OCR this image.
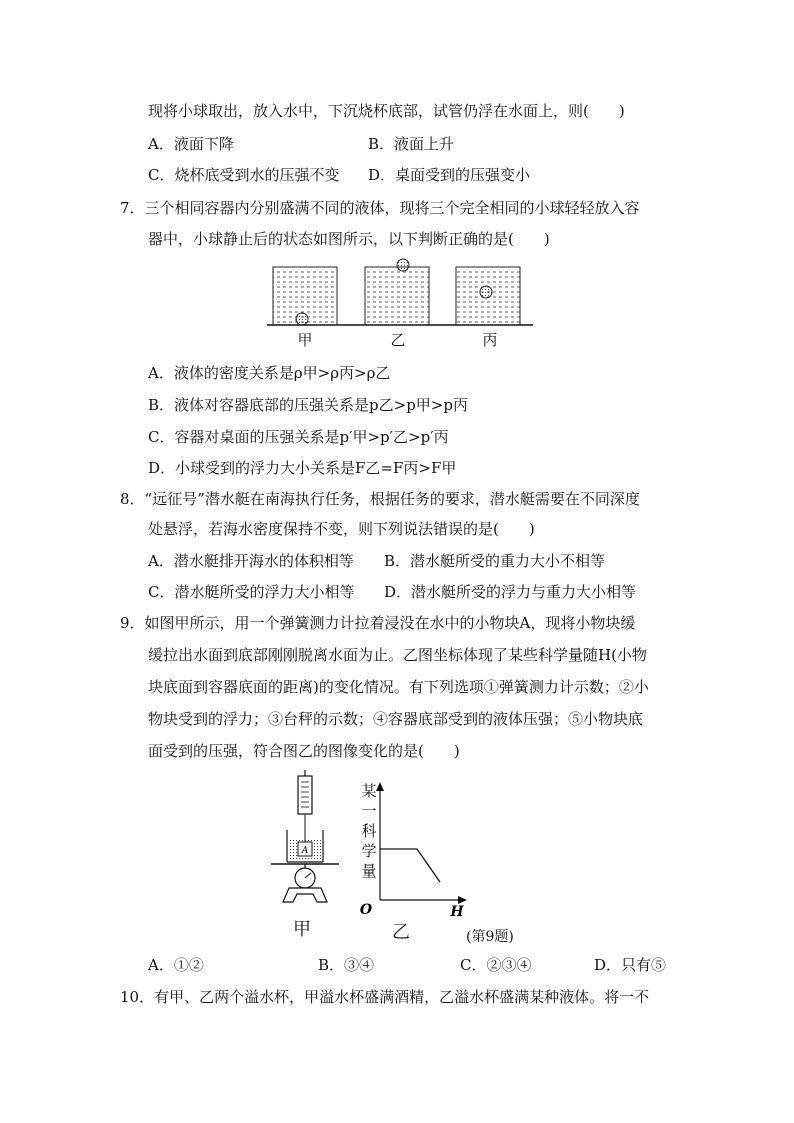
现将小球取出，放入水中，下沉烧杯底部，试管仍浮在水面上，则(　　)
A．液面下降	B．液面上升
C．烧杯底受到水的压强不变 D．桌面受到的压强变小
7．三个相同容器内分别盛满不同的液体，现将三个完全相同的小球轻轻放入容
器中，小球静止后的状态如图所示，以下判断正确的是(　　)
甲	乙	丙
A．液体的密度关系是ρ甲>ρ丙>ρ乙
B．液体对容器底部的压强关系是p乙>p甲>p丙
C．容器对桌面的压强关系是p′甲>p′乙>p′丙
D．小球受到的浮力大小关系是F乙=F丙>F甲
8．“远征号”潜水艇在南海执行任务，根据任务的要求，潜水艇需要在不同深度
处悬浮，若海水密度保持不变，则下列说法错误的是(　　)
A．潜水艇排开海水的体积相等 B．潜水艇所受的重力大小不相等
C．潜水艇所受的浮力大小相等 D．潜水艇所受的浮力与重力大小相等
9．如图甲所示，用一个弹簧测力计拉着浸没在水中的小物块A，现将小物块缓
缓拉出水面到底部刚刚脱离水面为止。乙图坐标体现了某些科学量随H(小物
块底面到容器底面的距离)的变化情况。有下列选项①弹簧测力计示数；②小
物块受到的浮力；③台秤的示数；④容器底部受到的液体压强；⑤小物块底
面受到的压强，符合图乙的图像变化的是(　　)
A
O	H
某
一
科
学
量
甲	乙	(第9题)
A．①②	B．③④	C．②③④	D．只有⑤
10．有甲、乙两个溢水杯，甲溢水杯盛满酒精，乙溢水杯盛满某种液体。将一不
